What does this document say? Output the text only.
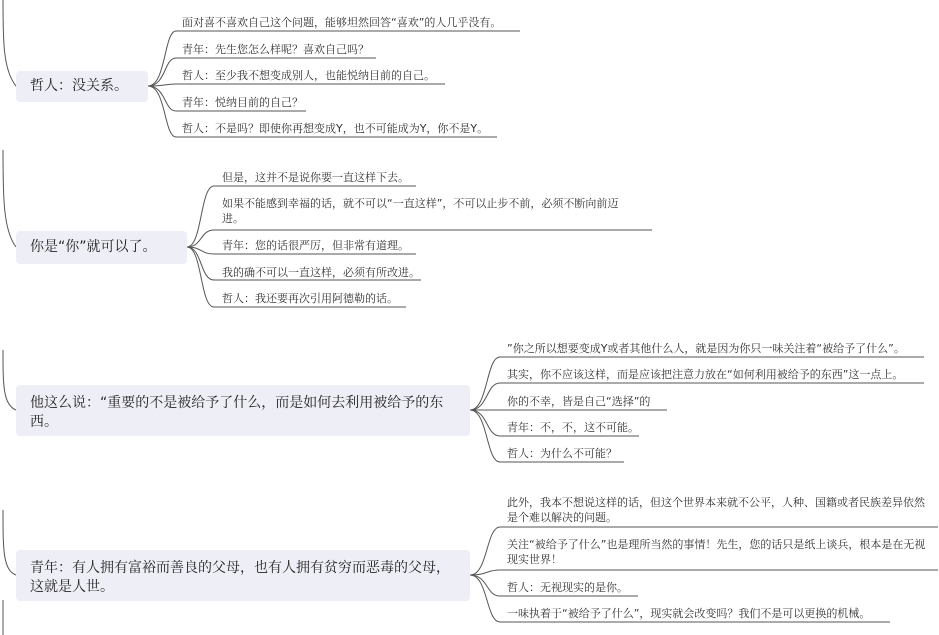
哲人：没关系。
面对喜不喜欢自己这个问题，能够坦然回答“喜欢”的人几乎没有。
青年：先生您怎么样呢？喜欢自己吗？
哲人：至少我不想变成别人，也能悦纳目前的自己。
青年：悦纳目前的自己？
哲人：不是吗？即使你再想变成Y，也不可能成为Y，你不是Y。
你是“你”就可以了。
但是，这并不是说你要一直这样下去。
如果不能感到幸福的话，就不可以“一直这样”，不可以止步不前，必须不断向前迈进。
青年：您的话很严厉，但非常有道理。
我的确不可以一直这样，必须有所改进。
哲人：我还要再次引用阿德勒的话。
他这么说：“重要的不是被给予了什么，而是如何去利用被给予的东西。
”你之所以想要变成Y或者其他什么人，就是因为你只一味关注着“被给予了什么”。
其实，你不应该这样，而是应该把注意力放在“如何利用被给予的东西”这一点上。
你的不幸，皆是自己“选择”的
青年：不，不，这不可能。
哲人：为什么不可能？
青年：有人拥有富裕而善良的父母，也有人拥有贫穷而恶毒的父母，这就是人世。
此外，我本不想说这样的话，但这个世界本来就不公平，人种、国籍或者民族差异依然是个难以解决的问题。
关注“被给予了什么”也是理所当然的事情！先生，您的话只是纸上谈兵，根本是在无视现实世界！
哲人：无视现实的是你。
一味执着于“被给予了什么”，现实就会改变吗？我们不是可以更换的机械。
